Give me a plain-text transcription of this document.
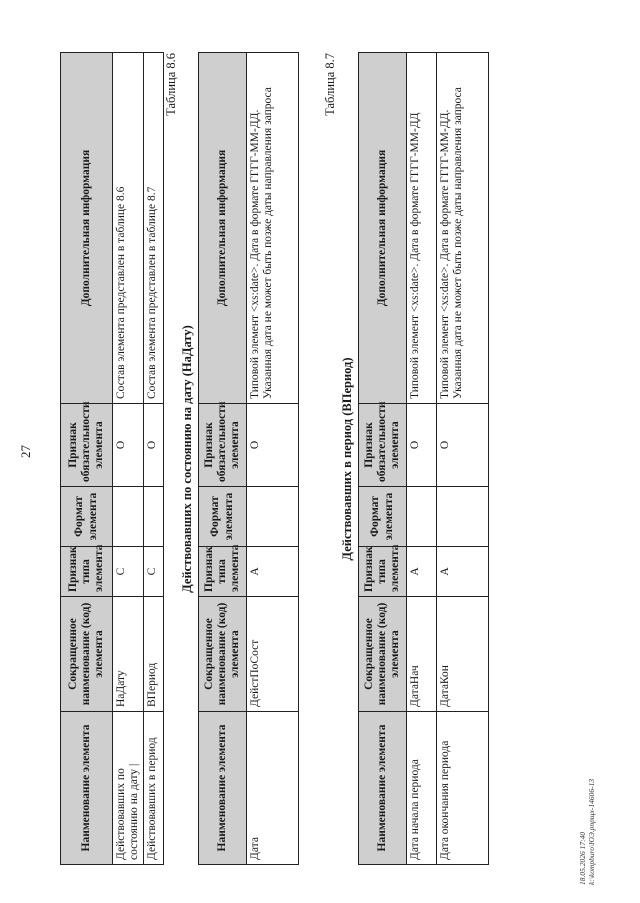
27
Наименование элемента	Сокращенное наименование (код) элемента	Признак типа элемента	Формат элемента	Признак обязательности элемента	Дополнительная информация
Действовавших по состоянию на дату |	НаДату	С		О	Состав элемента представлен в таблице 8.6
Действовавших в период	ВПериод	С		О	Состав элемента представлен в таблице 8.7
Таблица 8.6
Действовавших по состоянию на дату (НаДату)
Наименование элемента	Сокращенное наименование (код) элемента	Признак типа элемента	Формат элемента	Признак обязательности элемента	Дополнительная информация
Дата	ДейстПоСост	А		О	Типовой элемент <xs:date>. Дата в формате ГГГГ-ММ-ДД. Указанная дата не может быть позже даты направления запроса
Таблица 8.7
Действовавших в период (ВПериод)
Наименование элемента	Сокращенное наименование (код) элемента	Признак типа элемента	Формат элемента	Признак обязательности элемента	Дополнительная информация
Дата начала периода	ДатаНач	А		О	Типовой элемент <xs:date>. Дата в формате ГГГГ-ММ-ДД
Дата окончания периода	ДатаКон	А		О	Типовой элемент <xs:date>. Дата в формате ГГГГ-ММ-ДД. Указанная дата не может быть позже даты направления запроса
18.05.2026 17:40 k:\kompburo\ЮЭ.рпрщх-14606-13
